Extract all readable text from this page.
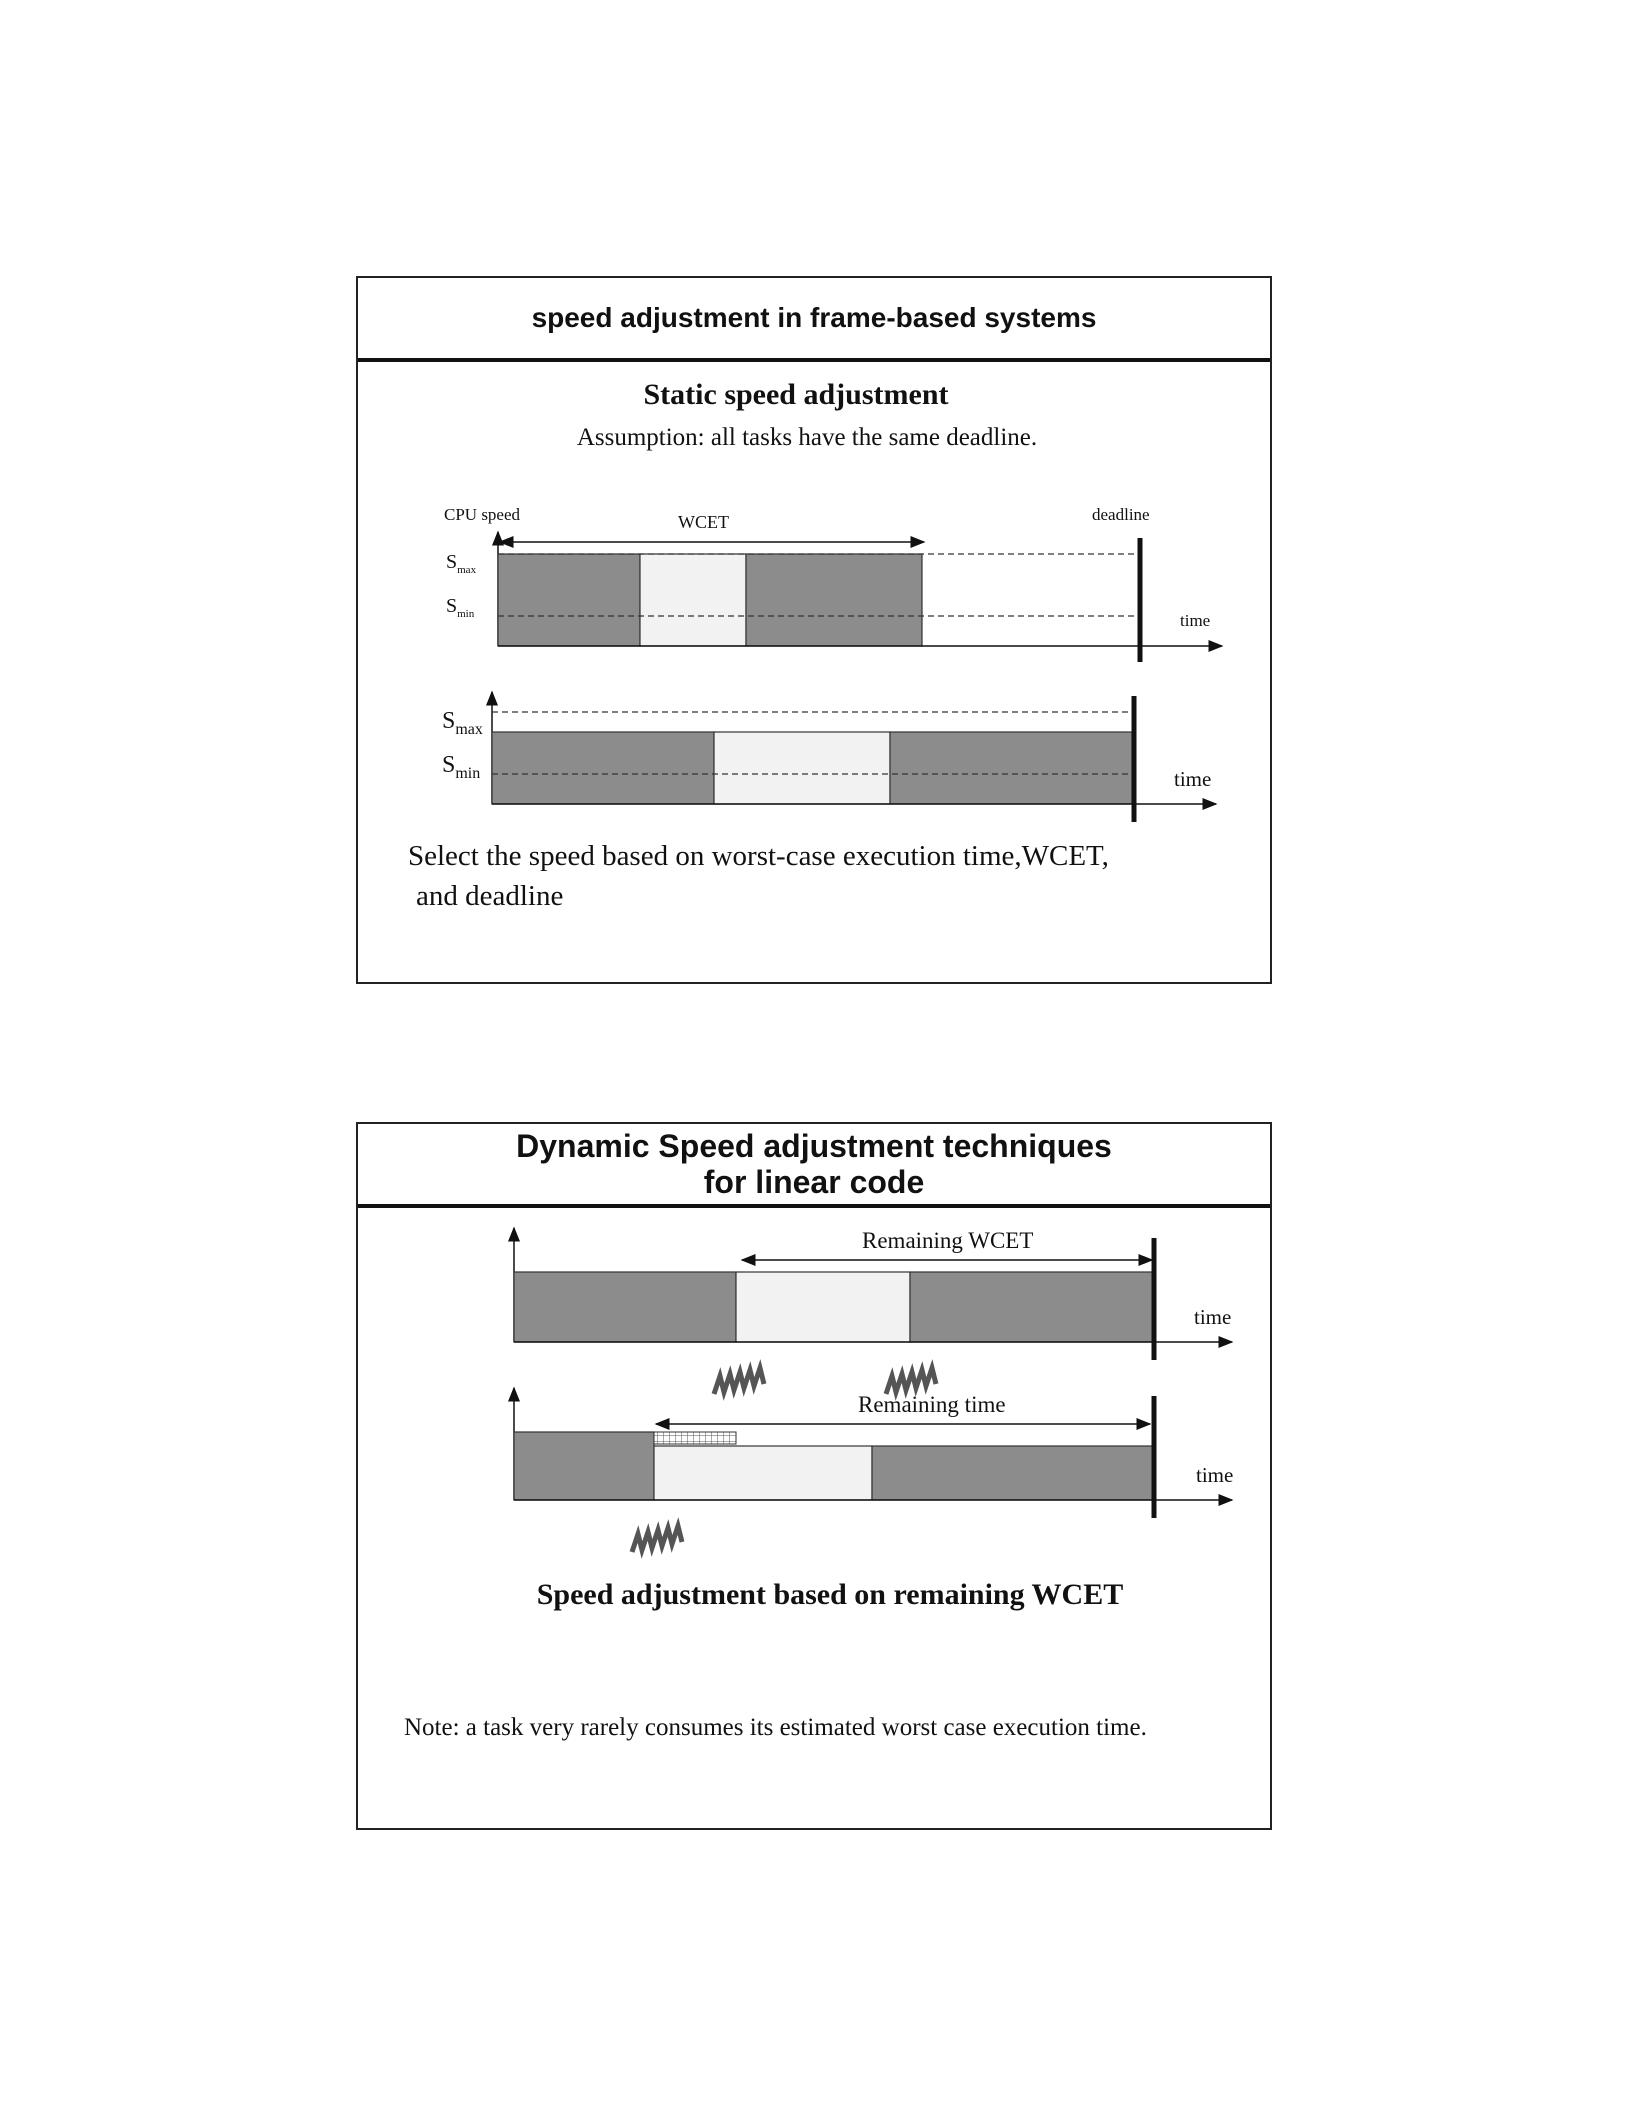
speed adjustment in frame-based systems
Static speed adjustment
Assumption: all tasks have the same deadline.
CPU speed	WCET	deadline
$S_{max}$
$S_{min}$	time
$S_{max}$
$S_{min}$	time
Select the speed based on worst-case execution time,WCET,
and deadline
Dynamic Speed adjustment techniques
for linear code
Remaining WCET
time
Remaining time
time
Speed adjustment based on remaining WCET
Note: a task very rarely consumes its estimated worst case execution time.
